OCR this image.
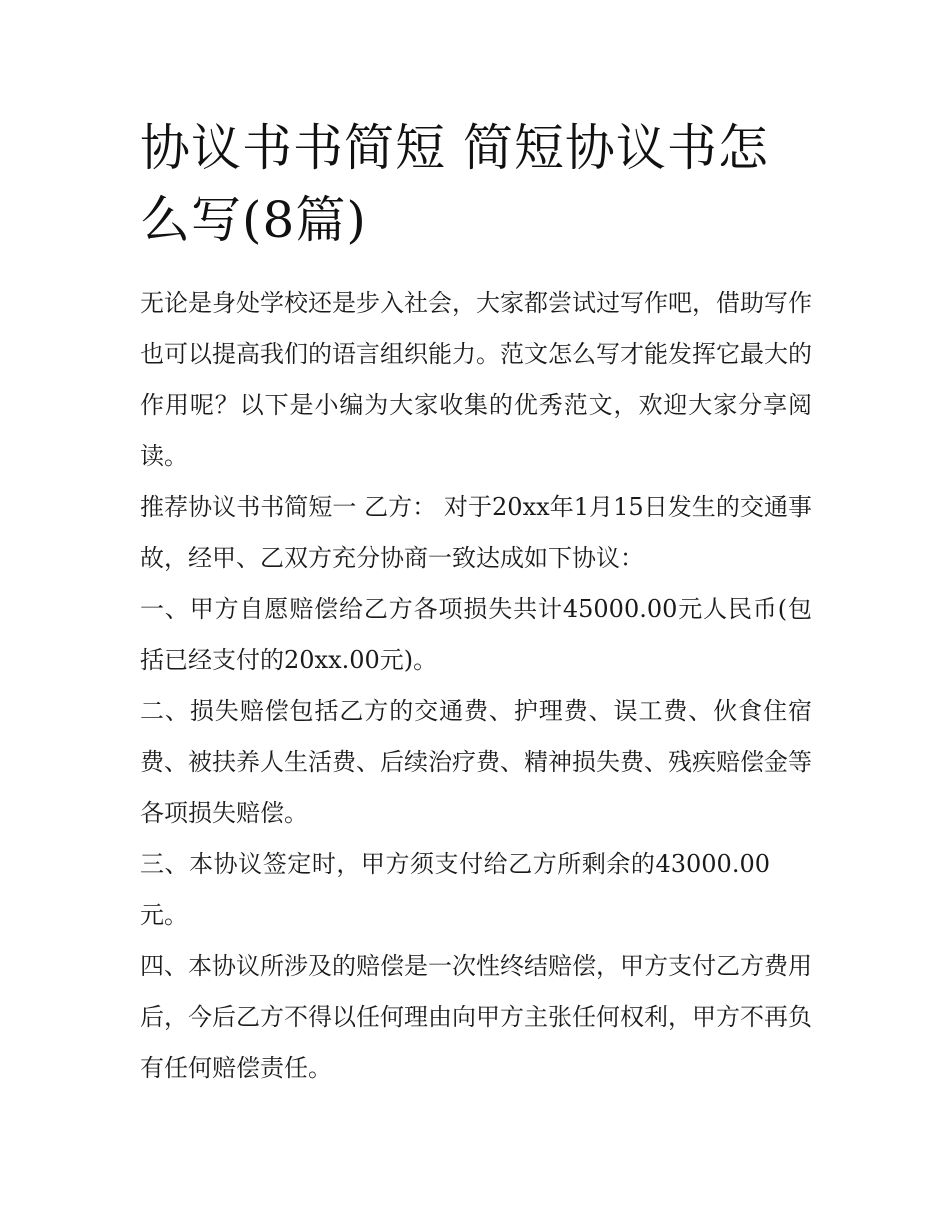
协议书书简短 简短协议书怎么写(8篇)

无论是身处学校还是步入社会，大家都尝试过写作吧，借助写作也可以提高我们的语言组织能力。范文怎么写才能发挥它最大的作用呢？以下是小编为大家收集的优秀范文，欢迎大家分享阅读。

推荐协议书书简短一 乙方： 对于20xx年1月15日发生的交通事故，经甲、乙双方充分协商一致达成如下协议：

一、甲方自愿赔偿给乙方各项损失共计45000.00元人民币(包括已经支付的20xx.00元)。

二、损失赔偿包括乙方的交通费、护理费、误工费、伙食住宿费、被扶养人生活费、后续治疗费、精神损失费、残疾赔偿金等各项损失赔偿。

三、本协议签定时，甲方须支付给乙方所剩余的43000.00元。

四、本协议所涉及的赔偿是一次性终结赔偿，甲方支付乙方费用后，今后乙方不得以任何理由向甲方主张任何权利，甲方不再负有任何赔偿责任。
